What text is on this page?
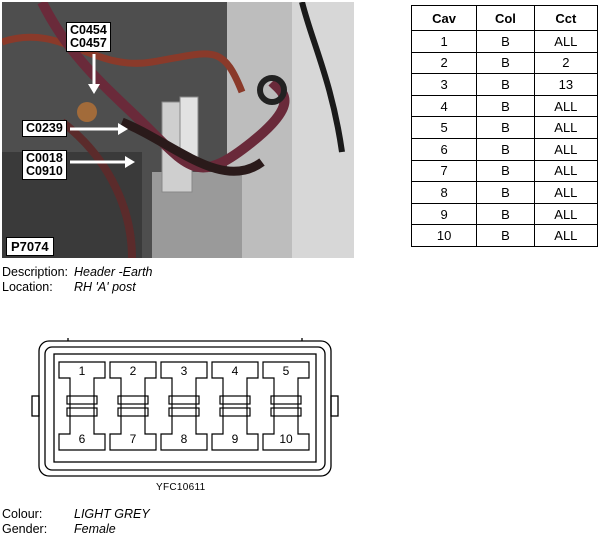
C0454
C0457
C0239
C0018
C0910
P7074
Cav	Col	Cct
1	B	ALL
2	B	2
3	B	13
4	B	ALL
5	B	ALL
6	B	ALL
7	B	ALL
8	B	ALL
9	B	ALL
10	B	ALL
Description: Header -Earth
Location: RH 'A' post
1	2	3	4	5
6	7	8	9	10
YFC10611
Colour:	LIGHT GREY
Gender: Female
